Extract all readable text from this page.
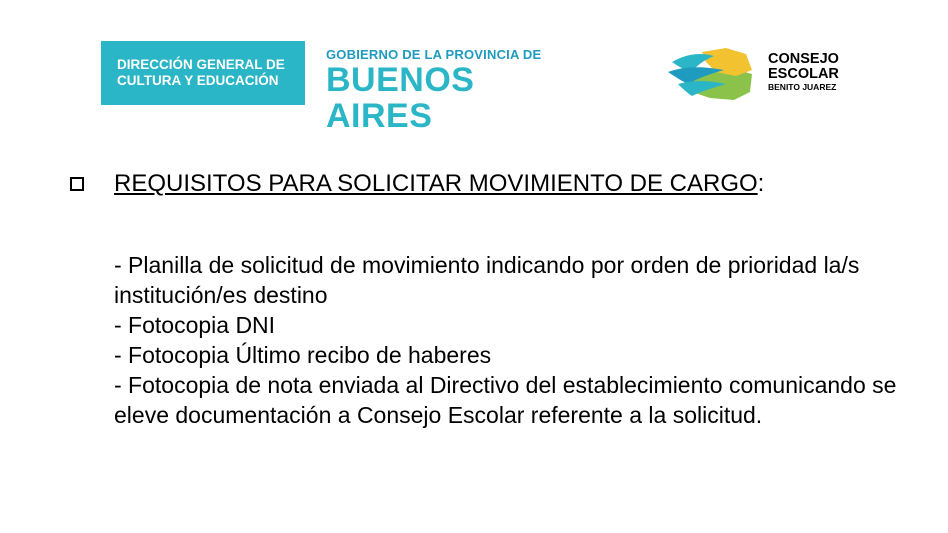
DIRECCIÓN GENERAL DE
CULTURA Y EDUCACIÓN
GOBIERNO DE LA PROVINCIA DE
BUENOS AIRES
CONSEJO
ESCOLAR
BENITO JUAREZ
REQUISITOS PARA SOLICITAR MOVIMIENTO DE CARGO:

- Planilla de solicitud de movimiento indicando por orden de prioridad la/s institución/es destino

- Fotocopia DNI

- Fotocopia Último recibo de haberes

- Fotocopia de nota enviada al Directivo del establecimiento comunicando se eleve documentación a Consejo Escolar referente a la solicitud.
